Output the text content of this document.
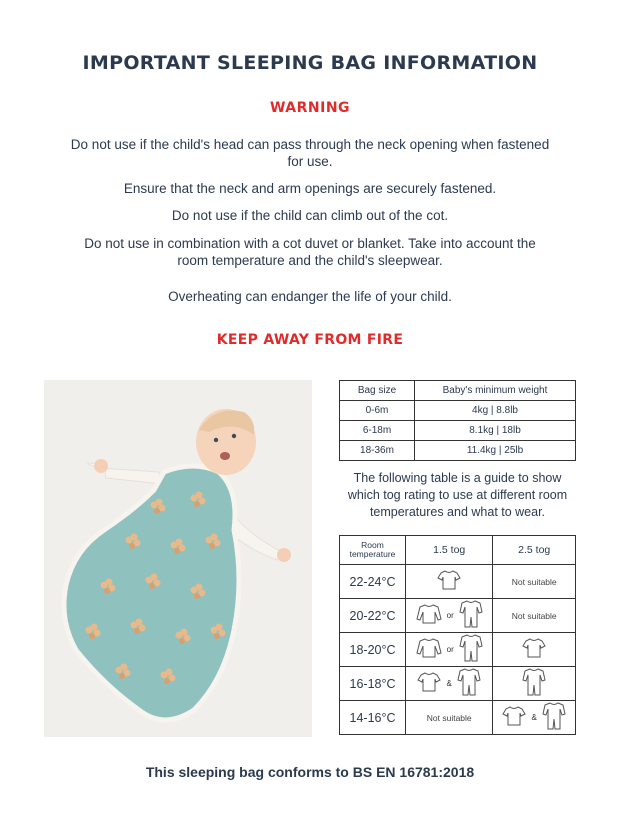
IMPORTANT SLEEPING BAG INFORMATION
WARNING
Do not use if the child's head can pass through the neck opening when fastened for use.
Ensure that the neck and arm openings are securely fastened.
Do not use if the child can climb out of the cot.
Do not use in combination with a cot duvet or blanket. Take into account the room temperature and the child's sleepwear.
Overheating can endanger the life of your child.
KEEP AWAY FROM FIRE
Bag size	Baby's minimum weight
0-6m	4kg | 8.8lb
6-18m	8.1kg | 18lb
18-36m	11.4kg | 25lb
The following table is a guide to show which tog rating to use at different room temperatures and what to wear.
Room temperature	1.5 tog	2.5 tog
22-24°C		Not suitable
20-22°C	or	Not suitable
18-20°C	or	
16-18°C	&	
14-16°C	Not suitable	&
This sleeping bag conforms to BS EN 16781:2018
